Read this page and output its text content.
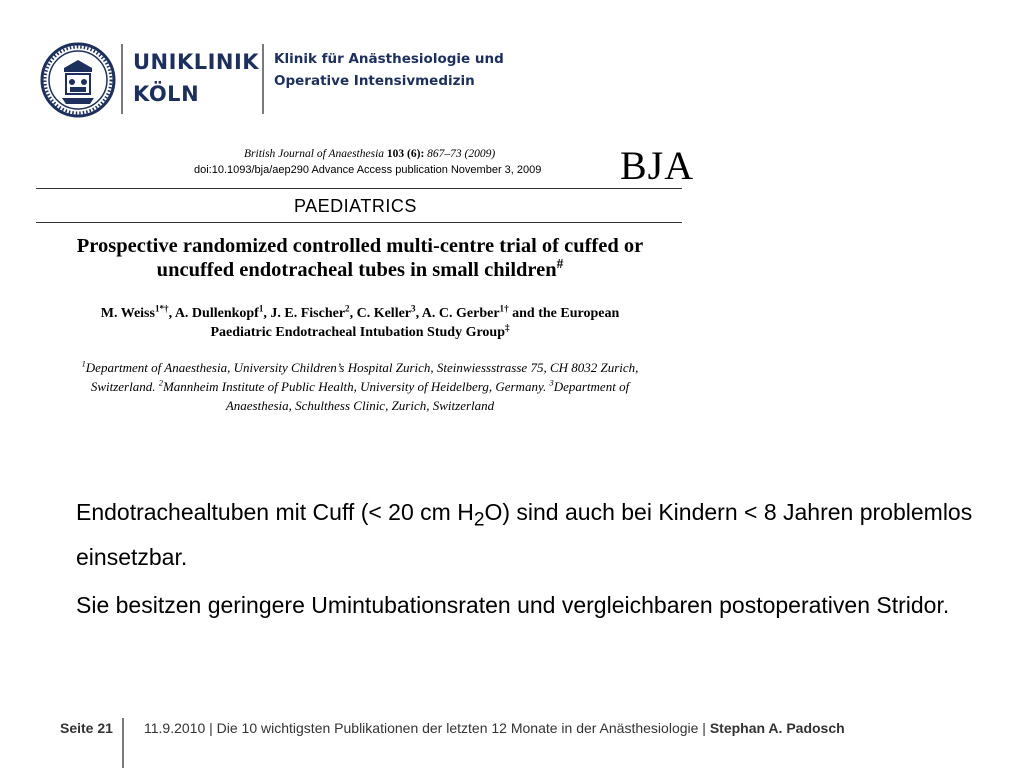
UNIKLINIK
KÖLN
Klinik für Anästhesiologie und
Operative Intensivmedizin
British Journal of Anaesthesia 103 (6): 867–73 (2009)
doi:10.1093/bja/aep290 Advance Access publication November 3, 2009 BJA
PAEDIATRICS
Prospective randomized controlled multi-centre trial of cuffed or
uncuffed endotracheal tubes in small children#
M. Weiss$^{1*\dagger}$, A. Dullenkopf$^1$, J. E. Fischer$^2$, C. Keller$^3$, A. C. Gerber$^{1\dagger}$ and the European
Paediatric Endotracheal Intubation Study Group‡
$^1$Department of Anaesthesia, University Children’s Hospital Zurich, Steinwiessstrasse 75, CH 8032 Zurich,
Switzerland. $^2$Mannheim Institute of Public Health, University of Heidelberg, Germany. $^3$Department of
Anaesthesia, Schulthess Clinic, Zurich, Switzerland

Endotrachealtuben mit Cuff (< 20 cm $H_2O$) sind auch bei Kindern < 8 Jahren problemlos einsetzbar.

Sie besitzen geringere Umintubationsraten und vergleichbaren postoperativen Stridor.

Seite 21 11.9.2010 | Die 10 wichtigsten Publikationen der letzten 12 Monate in der Anästhesiologie | Stephan A. Padosch
